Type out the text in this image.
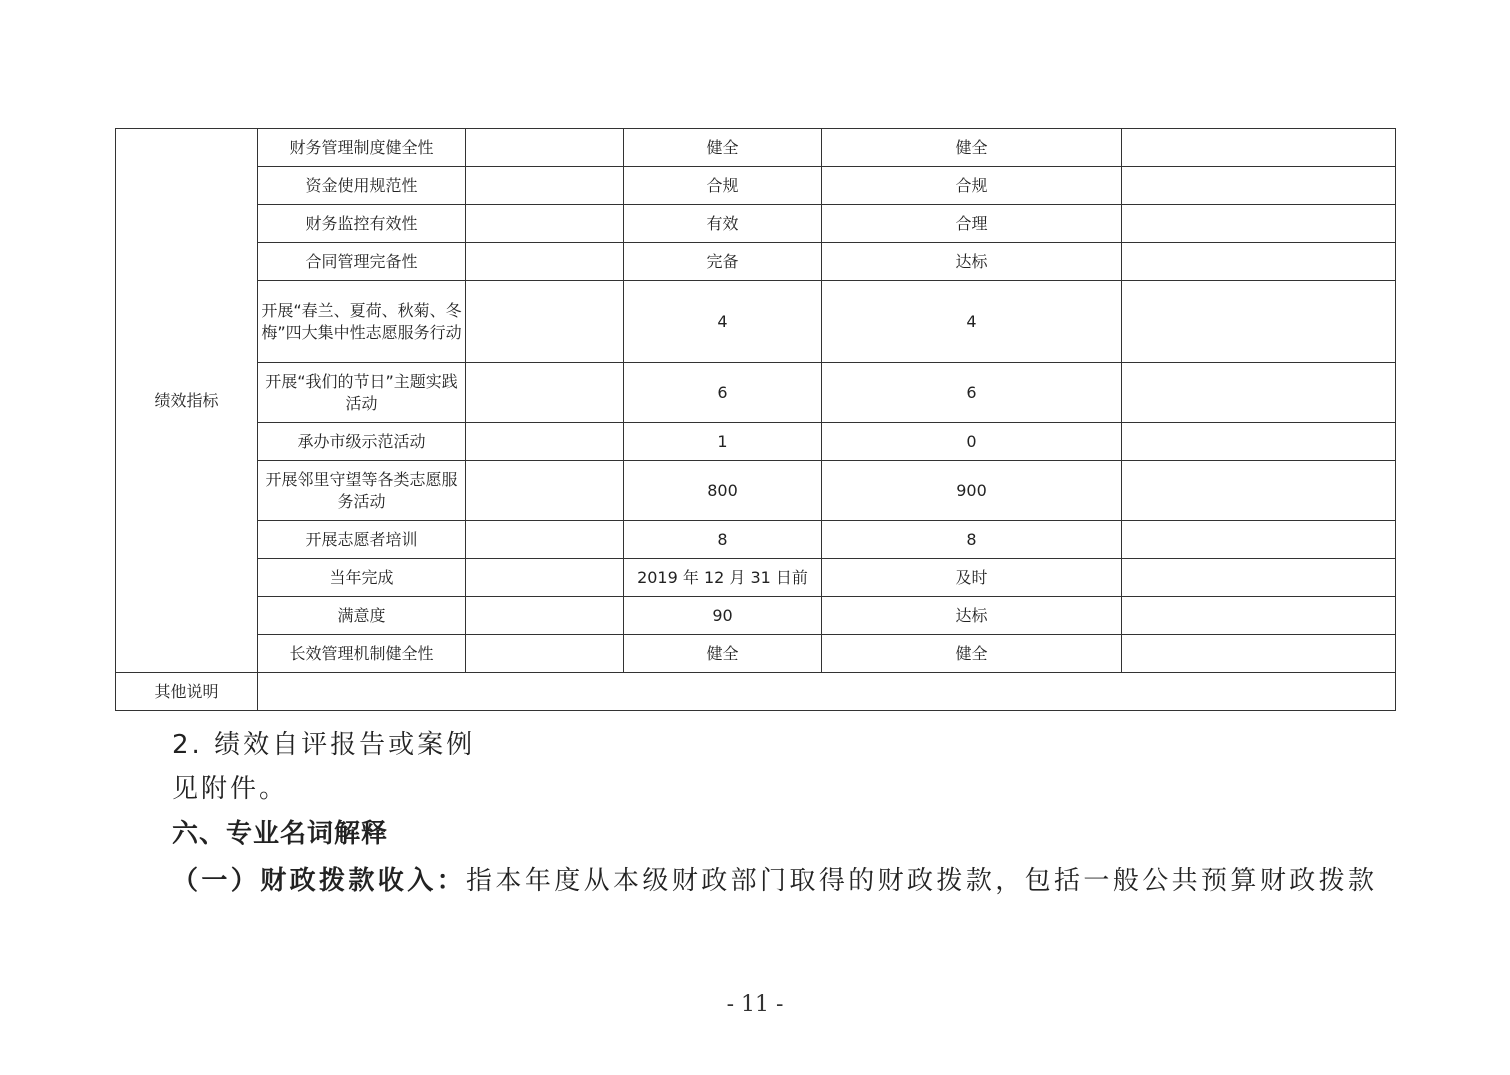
绩效指标	财务管理制度健全性		健全	健全	
	资金使用规范性		合规	合规	
	财务监控有效性		有效	合理	
	合同管理完备性		完备	达标	
	开展“春兰、夏荷、秋菊、冬梅”四大集中性志愿服务行动		4	4	
	开展“我们的节日”主题实践活动		6	6	
	承办市级示范活动		1	0	
	开展邻里守望等各类志愿服务活动		800	900	
	开展志愿者培训		8	8	
	当年完成		2019 年 12 月 31 日前	及时	
	满意度		90	达标	
	长效管理机制健全性		健全	健全	
其他说明					

2. 绩效自评报告或案例

见附件。

六、专业名词解释

（一）财政拨款收入：指本年度从本级财政部门取得的财政拨款，包括一般公共预算财政拨款

- 11 -
